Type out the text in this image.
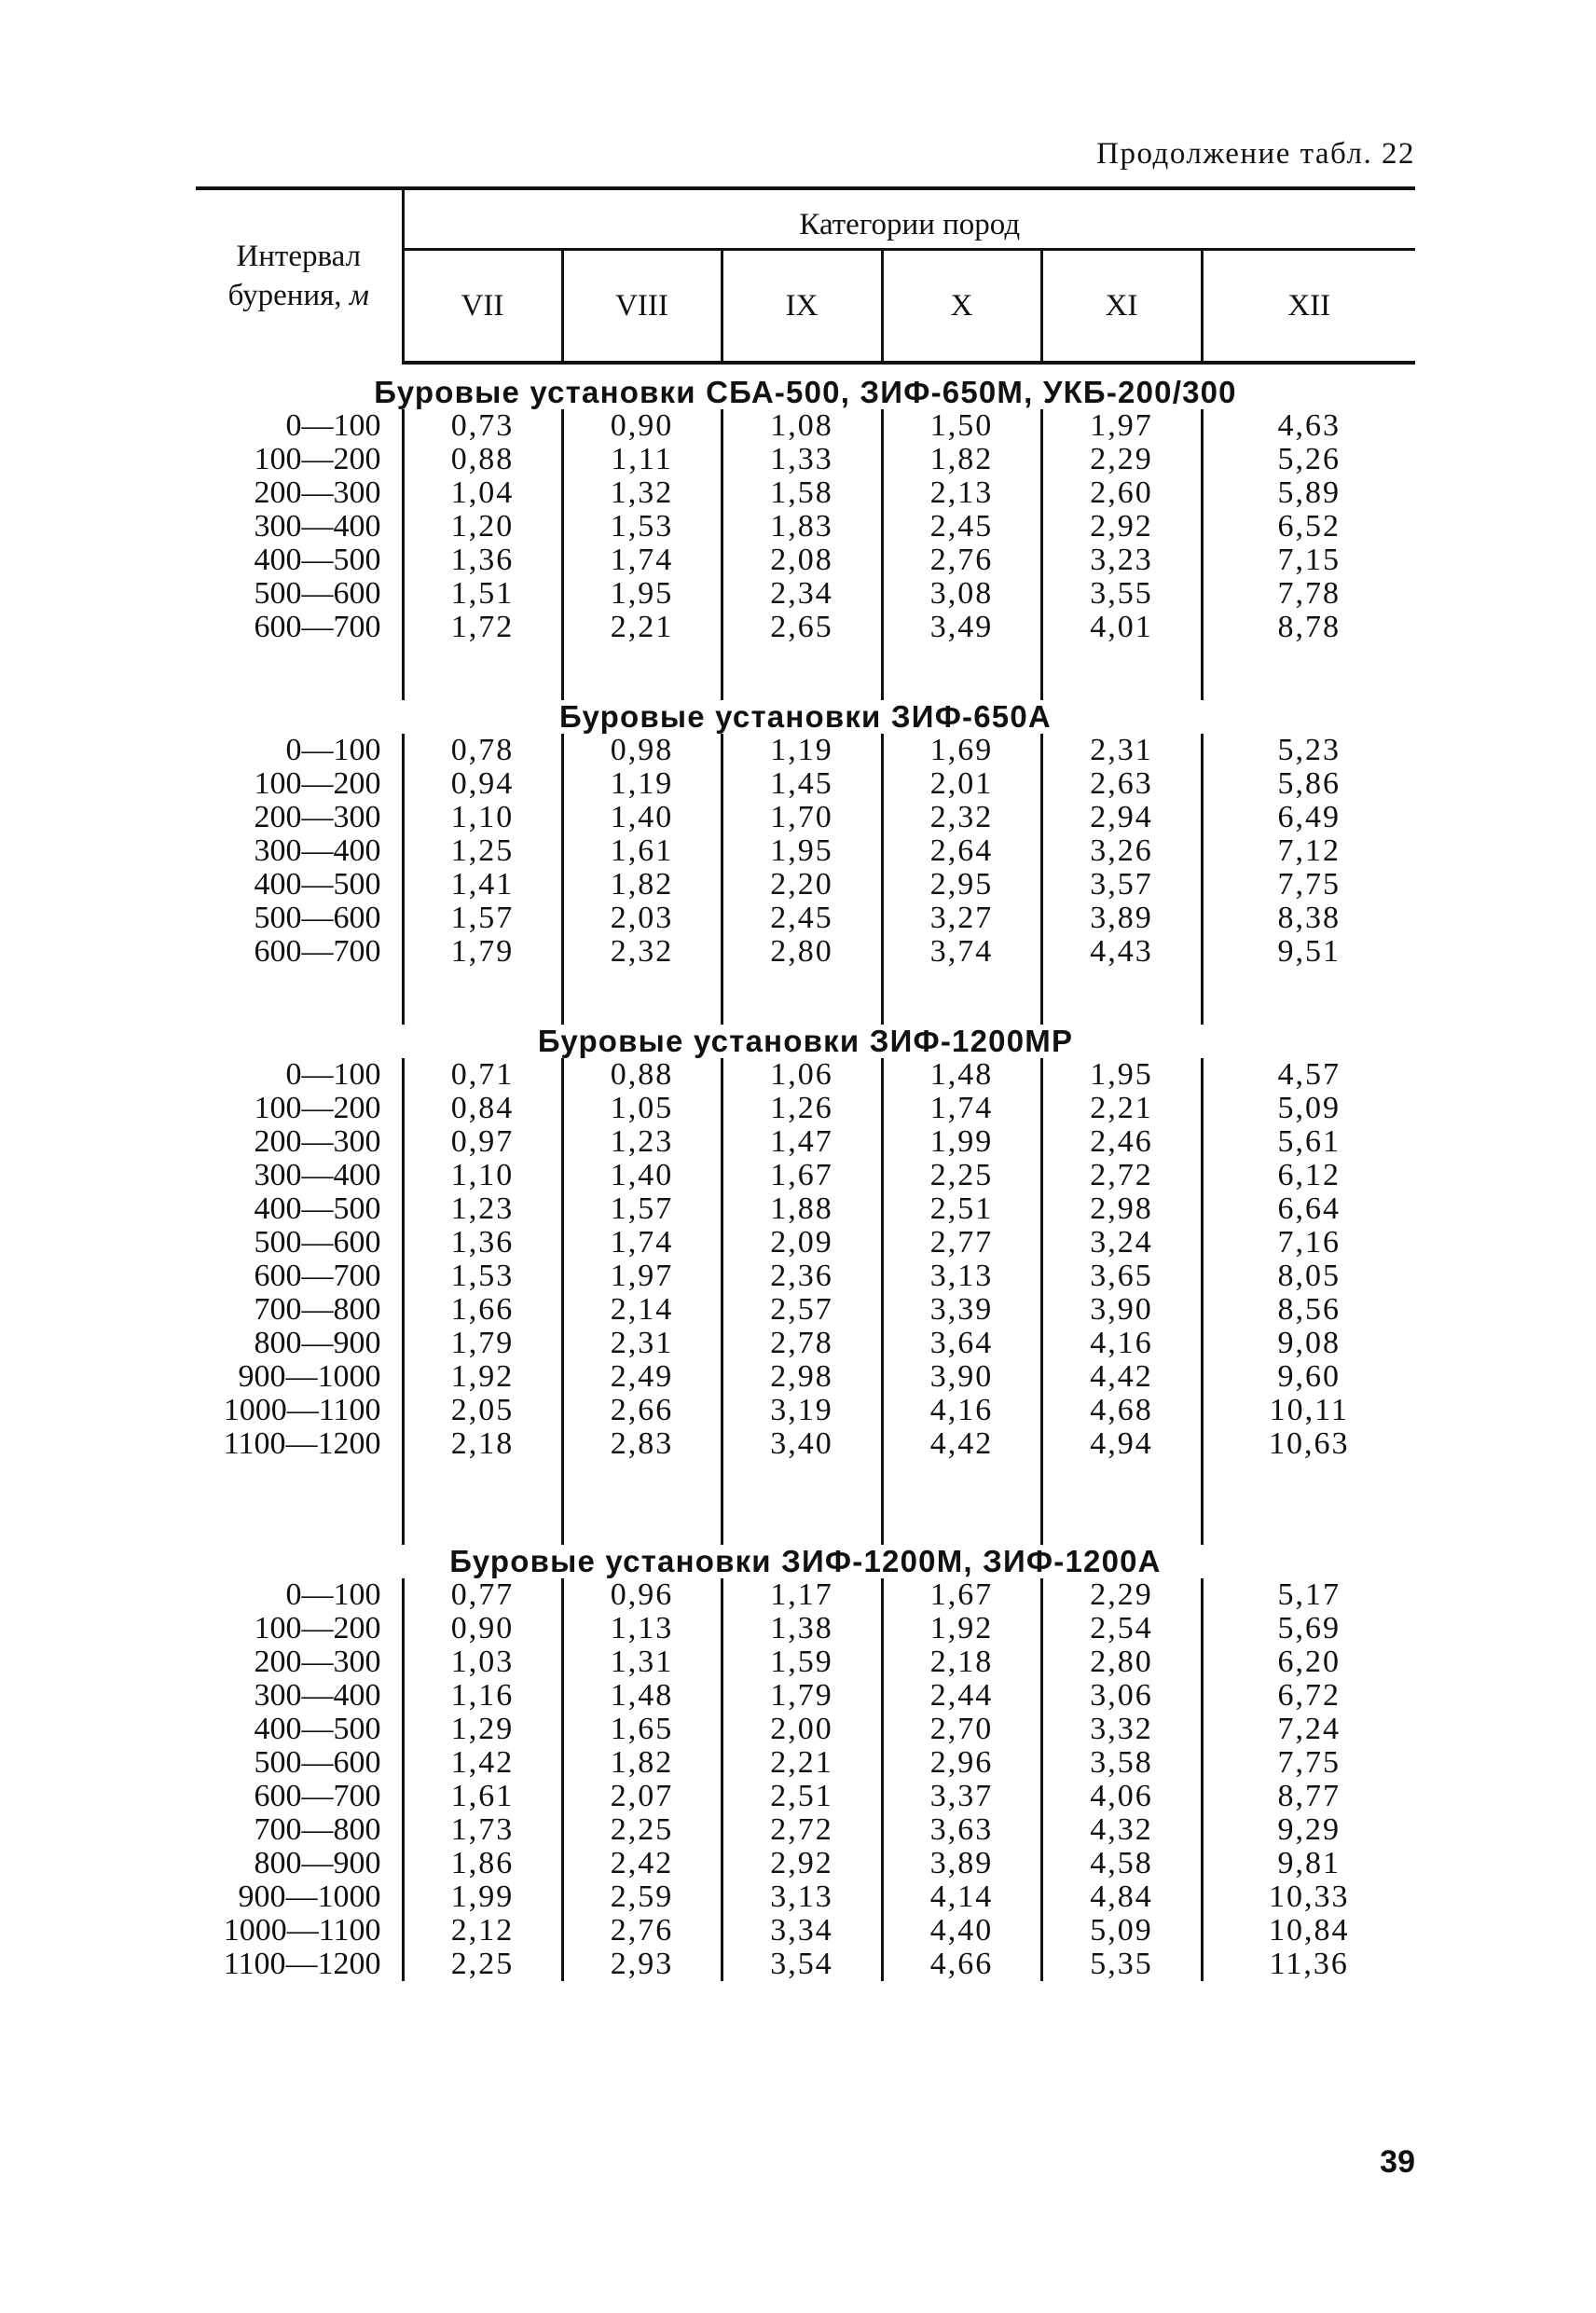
Продолжение табл. 22
Интервал
бурения, м	Категории пород					
	VII	VIII	IX	X	XI	XII
Буровые установки СБА-500, ЗИФ-650М, УКБ-200/300						
0—100	0,73	0,90	1,08	1,50	1,97	4,63
100—200	0,88	1,11	1,33	1,82	2,29	5,26
200—300	1,04	1,32	1,58	2,13	2,60	5,89
300—400	1,20	1,53	1,83	2,45	2,92	6,52
400—500	1,36	1,74	2,08	2,76	3,23	7,15
500—600	1,51	1,95	2,34	3,08	3,55	7,78
600—700	1,72	2,21	2,65	3,49	4,01	8,78

Буровые установки ЗИФ-650А						
0—100	0,78	0,98	1,19	1,69	2,31	5,23
100—200	0,94	1,19	1,45	2,01	2,63	5,86
200—300	1,10	1,40	1,70	2,32	2,94	6,49
300—400	1,25	1,61	1,95	2,64	3,26	7,12
400—500	1,41	1,82	2,20	2,95	3,57	7,75
500—600	1,57	2,03	2,45	3,27	3,89	8,38
600—700	1,79	2,32	2,80	3,74	4,43	9,51

Буровые установки ЗИФ-1200МР						
0—100	0,71	0,88	1,06	1,48	1,95	4,57
100—200	0,84	1,05	1,26	1,74	2,21	5,09
200—300	0,97	1,23	1,47	1,99	2,46	5,61
300—400	1,10	1,40	1,67	2,25	2,72	6,12
400—500	1,23	1,57	1,88	2,51	2,98	6,64
500—600	1,36	1,74	2,09	2,77	3,24	7,16
600—700	1,53	1,97	2,36	3,13	3,65	8,05
700—800	1,66	2,14	2,57	3,39	3,90	8,56
800—900	1,79	2,31	2,78	3,64	4,16	9,08
900—1000	1,92	2,49	2,98	3,90	4,42	9,60
1000—1100	2,05	2,66	3,19	4,16	4,68	10,11
1100—1200	2,18	2,83	3,40	4,42	4,94	10,63

Буровые установки ЗИФ-1200М, ЗИФ-1200А						
0—100	0,77	0,96	1,17	1,67	2,29	5,17
100—200	0,90	1,13	1,38	1,92	2,54	5,69
200—300	1,03	1,31	1,59	2,18	2,80	6,20
300—400	1,16	1,48	1,79	2,44	3,06	6,72
400—500	1,29	1,65	2,00	2,70	3,32	7,24
500—600	1,42	1,82	2,21	2,96	3,58	7,75
600—700	1,61	2,07	2,51	3,37	4,06	8,77
700—800	1,73	2,25	2,72	3,63	4,32	9,29
800—900	1,86	2,42	2,92	3,89	4,58	9,81
900—1000	1,99	2,59	3,13	4,14	4,84	10,33
1000—1100	2,12	2,76	3,34	4,40	5,09	10,84
1100—1200	2,25	2,93	3,54	4,66	5,35	11,36
39
